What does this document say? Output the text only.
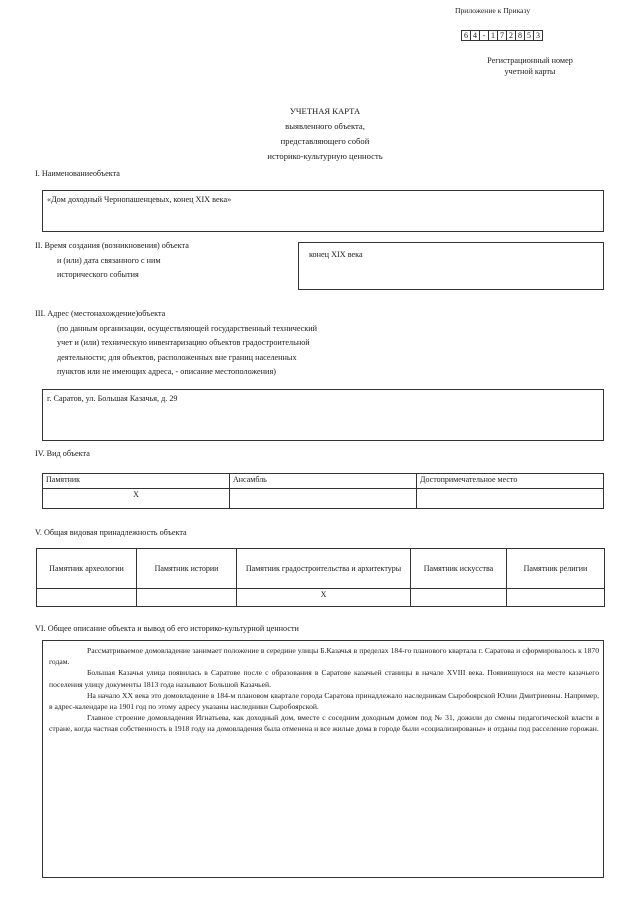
Приложение к Приказу
6 4 - 1 7 2 8 5 3
Регистрационный номер
учетной карты
УЧЕТНАЯ КАРТА
выявленного объекта,
представляющего собой
историко-культурную ценность
I. Наименованиеобъекта
«Дом доходный Чернопашенцевых, конец XIX века»
II. Время создания (возникновения) объекта
и (или) дата связанного с ним
исторического события
конец XIX века
III. Адрес (местонахождение)объекта
(по данным организации, осуществляющей государственный технический
учет и (или) техническую инвентаризацию объектов градостроительной
деятельности; для объектов, расположенных вне границ населенных
пунктов или не имеющих адреса, - описание местоположения)
г. Саратов, ул. Большая Казачья, д. 29
IV. Вид объекта
Памятник	Ансамбль	Достопримечательное место
X		
V. Общая видовая принадлежность объекта
Памятник археологии	Памятник истории	Памятник градостроительства и архитектуры	Памятник искусства	Памятник религии
		X		
VI. Общее описание объекта и вывод об его историко-культурной ценности

Рассматриваемое домовладение занимает положение в середине улицы Б.Казачья в пределах 184-го планового квартала г. Саратова и сформировалось к 1870 годам.

Большая Казачья улица появилась в Саратове после с образования в Саратове казачьей станицы в начале XVIII века. Появившуюся на месте казачьего поселения улицу документы 1813 года называют Большой Казачьей.

На начало XX века это домовладение в 184-м плановом квартале города Саратова принадлежало наследникам Сыробоярской Юлии Дмитриевны. Например, в адрес-календаре на 1901 год по этому адресу указаны наследники Сыробоярской.

Главное строение домовладения Игнатьева, как доходный дом, вместе с соседним доходным домом под № 31, дожили до смены педагогической власти в стране, когда частная собственность в 1918 году на домовладения была отменена и все жилые дома в городе были «социализированы» и отданы под расселение горожан.
